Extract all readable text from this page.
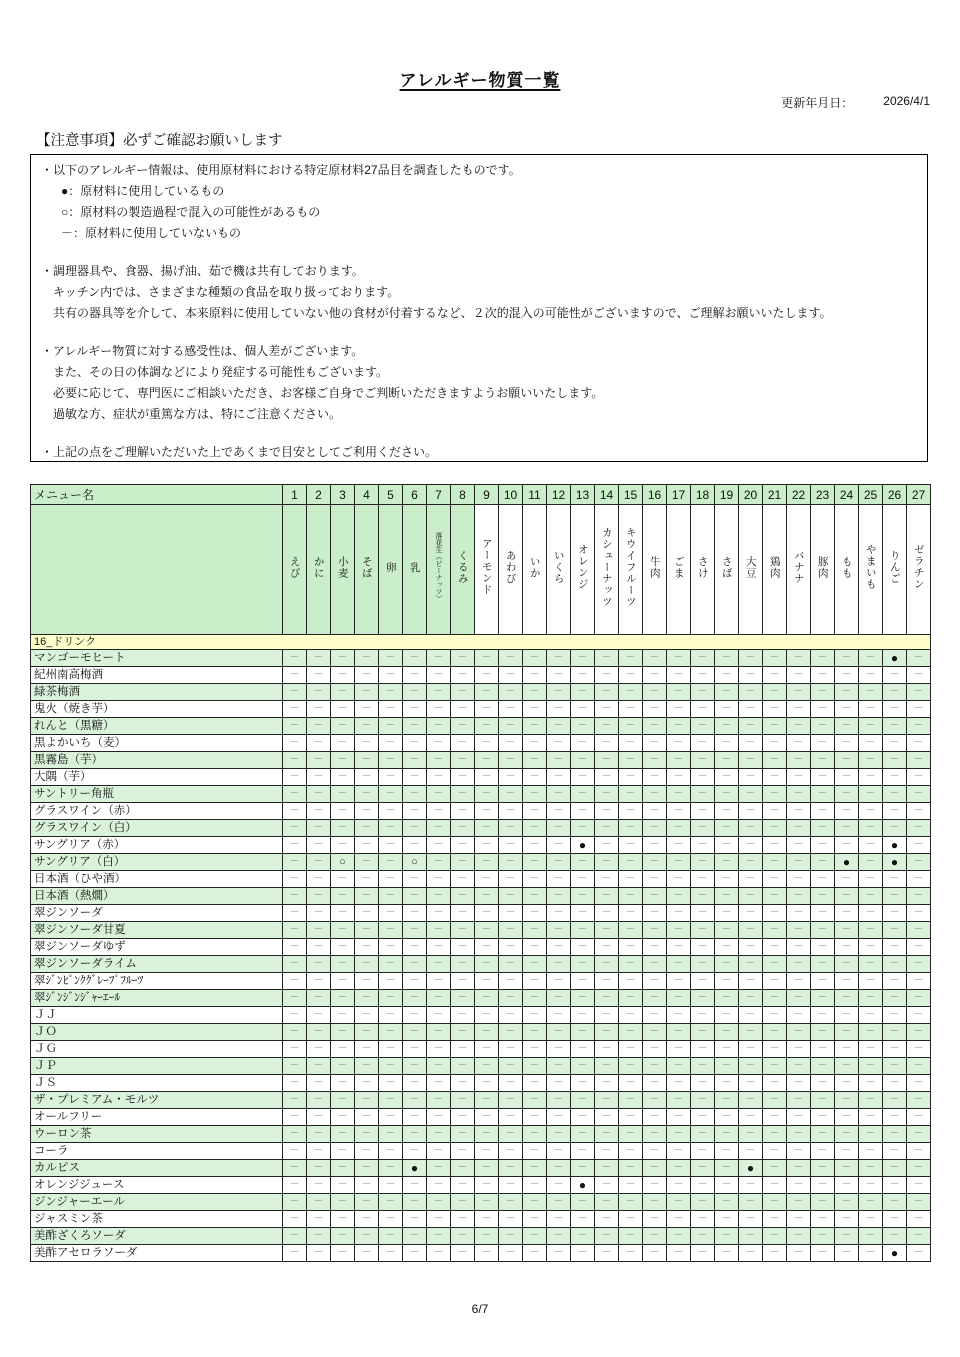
アレルギー物質一覧
更新年月日：	2026/4/1
【注意事項】必ずご確認お願いします
・以下のアレルギー情報は、使用原材料における特定原材料27品目を調査したものです。
●：原材料に使用しているもの
○：原材料の製造過程で混入の可能性があるもの
－：原材料に使用していないもの
・調理器具や、食器、揚げ油、茹で機は共有しております。
キッチン内では、さまざまな種類の食品を取り扱っております。
共有の器具等を介して、本来原料に使用していない他の食材が付着するなど、２次的混入の可能性がございますので、ご理解お願いいたします。
・アレルギー物質に対する感受性は、個人差がございます。
また、その日の体調などにより発症する可能性もございます。
必要に応じて、専門医にご相談いただき、お客様ご自身でご判断いただきますようお願いいたします。
過敏な方、症状が重篤な方は、特にご注意ください。
・上記の点をご理解いただいた上であくまで目安としてご利用ください。
メニュー名	1	2	3	4	5	6	7	8	9	10	11	12	13	14	15	16	17	18	19	20	21	22	23	24	25	26	27
	えび	かに	小麦	そば	卵	乳	落花生（ピーナッツ）	くるみ	アーモンド	あわび	いか	いくら	オレンジ	カシューナッツ	キウイフルーツ	牛肉	ごま	さけ	さば	大豆	鶏肉	バナナ	豚肉	もも	やまいも	りんご	ゼラチン
16_ドリンク																											
マンゴーモヒート	－	－	－	－	－	－	－	－	－	－	－	－	－	－	－	－	－	－	－	－	－	－	－	－	－	●	－
紀州南高梅酒	－	－	－	－	－	－	－	－	－	－	－	－	－	－	－	－	－	－	－	－	－	－	－	－	－	－	－
緑茶梅酒	－	－	－	－	－	－	－	－	－	－	－	－	－	－	－	－	－	－	－	－	－	－	－	－	－	－	－
鬼火（焼き芋）	－	－	－	－	－	－	－	－	－	－	－	－	－	－	－	－	－	－	－	－	－	－	－	－	－	－	－
れんと（黒糖）	－	－	－	－	－	－	－	－	－	－	－	－	－	－	－	－	－	－	－	－	－	－	－	－	－	－	－
黒よかいち（麦）	－	－	－	－	－	－	－	－	－	－	－	－	－	－	－	－	－	－	－	－	－	－	－	－	－	－	－
黒霧島（芋）	－	－	－	－	－	－	－	－	－	－	－	－	－	－	－	－	－	－	－	－	－	－	－	－	－	－	－
大隅（芋）	－	－	－	－	－	－	－	－	－	－	－	－	－	－	－	－	－	－	－	－	－	－	－	－	－	－	－
サントリー角瓶	－	－	－	－	－	－	－	－	－	－	－	－	－	－	－	－	－	－	－	－	－	－	－	－	－	－	－
グラスワイン（赤）	－	－	－	－	－	－	－	－	－	－	－	－	－	－	－	－	－	－	－	－	－	－	－	－	－	－	－
グラスワイン（白）	－	－	－	－	－	－	－	－	－	－	－	－	－	－	－	－	－	－	－	－	－	－	－	－	－	－	－
サングリア（赤）	－	－	－	－	－	－	－	－	－	－	－	－	●	－	－	－	－	－	－	－	－	－	－	－	－	●	－
サングリア（白）	－	－	○	－	－	○	－	－	－	－	－	－	－	－	－	－	－	－	－	－	－	－	－	●	－	●	－
日本酒（ひや酒）	－	－	－	－	－	－	－	－	－	－	－	－	－	－	－	－	－	－	－	－	－	－	－	－	－	－	－
日本酒（熱燗）	－	－	－	－	－	－	－	－	－	－	－	－	－	－	－	－	－	－	－	－	－	－	－	－	－	－	－
翠ジンソーダ	－	－	－	－	－	－	－	－	－	－	－	－	－	－	－	－	－	－	－	－	－	－	－	－	－	－	－
翠ジンソーダ甘夏	－	－	－	－	－	－	－	－	－	－	－	－	－	－	－	－	－	－	－	－	－	－	－	－	－	－	－
翠ジンソーダゆず	－	－	－	－	－	－	－	－	－	－	－	－	－	－	－	－	－	－	－	－	－	－	－	－	－	－	－
翠ジンソーダライム	－	－	－	－	－	－	－	－	－	－	－	－	－	－	－	－	－	－	－	－	－	－	－	－	－	－	－
翠ｼﾞﾝﾋﾟﾝｸｸﾞﾚｰﾌﾟﾌﾙｰﾂ	－	－	－	－	－	－	－	－	－	－	－	－	－	－	－	－	－	－	－	－	－	－	－	－	－	－	－
翠ｼﾞﾝｼﾞﾝｼﾞｬｰｴｰﾙ	－	－	－	－	－	－	－	－	－	－	－	－	－	－	－	－	－	－	－	－	－	－	－	－	－	－	－
ＪＪ	－	－	－	－	－	－	－	－	－	－	－	－	－	－	－	－	－	－	－	－	－	－	－	－	－	－	－
ＪＯ	－	－	－	－	－	－	－	－	－	－	－	－	－	－	－	－	－	－	－	－	－	－	－	－	－	－	－
ＪＧ	－	－	－	－	－	－	－	－	－	－	－	－	－	－	－	－	－	－	－	－	－	－	－	－	－	－	－
ＪＰ	－	－	－	－	－	－	－	－	－	－	－	－	－	－	－	－	－	－	－	－	－	－	－	－	－	－	－
ＪＳ	－	－	－	－	－	－	－	－	－	－	－	－	－	－	－	－	－	－	－	－	－	－	－	－	－	－	－
ザ・プレミアム・モルツ	－	－	－	－	－	－	－	－	－	－	－	－	－	－	－	－	－	－	－	－	－	－	－	－	－	－	－
オールフリー	－	－	－	－	－	－	－	－	－	－	－	－	－	－	－	－	－	－	－	－	－	－	－	－	－	－	－
ウーロン茶	－	－	－	－	－	－	－	－	－	－	－	－	－	－	－	－	－	－	－	－	－	－	－	－	－	－	－
コーラ	－	－	－	－	－	－	－	－	－	－	－	－	－	－	－	－	－	－	－	－	－	－	－	－	－	－	－
カルピス	－	－	－	－	－	●	－	－	－	－	－	－	－	－	－	－	－	－	－	●	－	－	－	－	－	－	－
オレンジジュース	－	－	－	－	－	－	－	－	－	－	－	－	●	－	－	－	－	－	－	－	－	－	－	－	－	－	－
ジンジャーエール	－	－	－	－	－	－	－	－	－	－	－	－	－	－	－	－	－	－	－	－	－	－	－	－	－	－	－
ジャスミン茶	－	－	－	－	－	－	－	－	－	－	－	－	－	－	－	－	－	－	－	－	－	－	－	－	－	－	－
美酢ざくろソーダ	－	－	－	－	－	－	－	－	－	－	－	－	－	－	－	－	－	－	－	－	－	－	－	－	－	－	－
美酢アセロラソーダ	－	－	－	－	－	－	－	－	－	－	－	－	－	－	－	－	－	－	－	－	－	－	－	－	－	●	－
6/7
